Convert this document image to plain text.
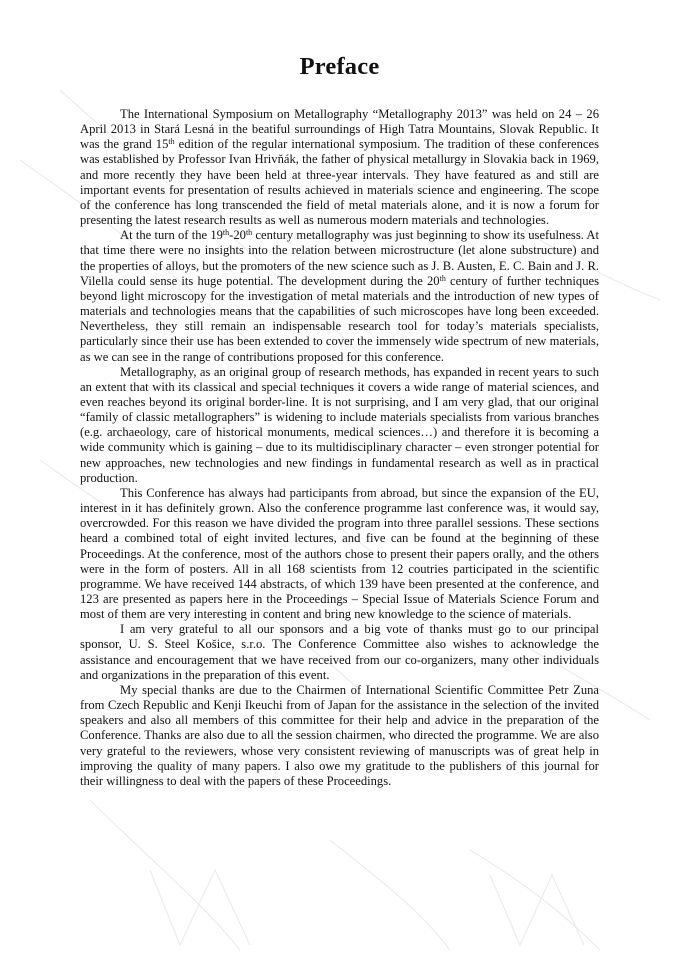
Preface

The International Symposium on Metallography “Metallography 2013” was held on 24 – 26 April 2013 in Stará Lesná in the beatiful surroundings of High Tatra Mountains, Slovak Republic. It was the grand 15th edition of the regular international symposium. The tradition of these conferences was established by Professor Ivan Hrivňák, the father of physical metallurgy in Slovakia back in 1969, and more recently they have been held at three-year intervals. They have featured as and still are important events for presentation of results achieved in materials science and engineering. The scope of the conference has long transcended the field of metal materials alone, and it is now a forum for presenting the latest research results as well as numerous modern materials and technologies.

At the turn of the 19th-20th century metallography was just beginning to show its usefulness. At that time there were no insights into the relation between microstructure (let alone substructure) and the properties of alloys, but the promoters of the new science such as J. B. Austen, E. C. Bain and J. R. Vilella could sense its huge potential. The development during the 20th century of further techniques beyond light microscopy for the investigation of metal materials and the introduction of new types of materials and technologies means that the capabilities of such microscopes have long been exceeded. Nevertheless, they still remain an indispensable research tool for today’s materials specialists, particularly since their use has been extended to cover the immensely wide spectrum of new materials, as we can see in the range of contributions proposed for this conference.

Metallography, as an original group of research methods, has expanded in recent years to such an extent that with its classical and special techniques it covers a wide range of material sciences, and even reaches beyond its original border-line. It is not surprising, and I am very glad, that our original “family of classic metallographers” is widening to include materials specialists from various branches (e.g. archaeology, care of historical monuments, medical sciences…) and therefore it is becoming a wide community which is gaining – due to its multidisciplinary character – even stronger potential for new approaches, new technologies and new findings in fundamental research as well as in practical production.

This Conference has always had participants from abroad, but since the expansion of the EU, interest in it has definitely grown. Also the conference programme last conference was, it would say, overcrowded. For this reason we have divided the program into three parallel sessions. These sections heard a combined total of eight invited lectures, and five can be found at the beginning of these Proceedings. At the conference, most of the authors chose to present their papers orally, and the others were in the form of posters. All in all 168 scientists from 12 coutries participated in the scientific programme. We have received 144 abstracts, of which 139 have been presented at the conference, and 123 are presented as papers here in the Proceedings – Special Issue of Materials Science Forum and most of them are very interesting in content and bring new knowledge to the science of materials.

I am very grateful to all our sponsors and a big vote of thanks must go to our principal sponsor, U. S. Steel Košice, s.r.o. The Conference Committee also wishes to acknowledge the assistance and encouragement that we have received from our co-organizers, many other individuals and organizations in the preparation of this event.

My special thanks are due to the Chairmen of International Scientific Committee Petr Zuna from Czech Republic and Kenji Ikeuchi from of Japan for the assistance in the selection of the invited speakers and also all members of this committee for their help and advice in the preparation of the Conference. Thanks are also due to all the session chairmen, who directed the programme. We are also very grateful to the reviewers, whose very consistent reviewing of manuscripts was of great help in improving the quality of many papers. I also owe my gratitude to the publishers of this journal for their willingness to deal with the papers of these Proceedings.
